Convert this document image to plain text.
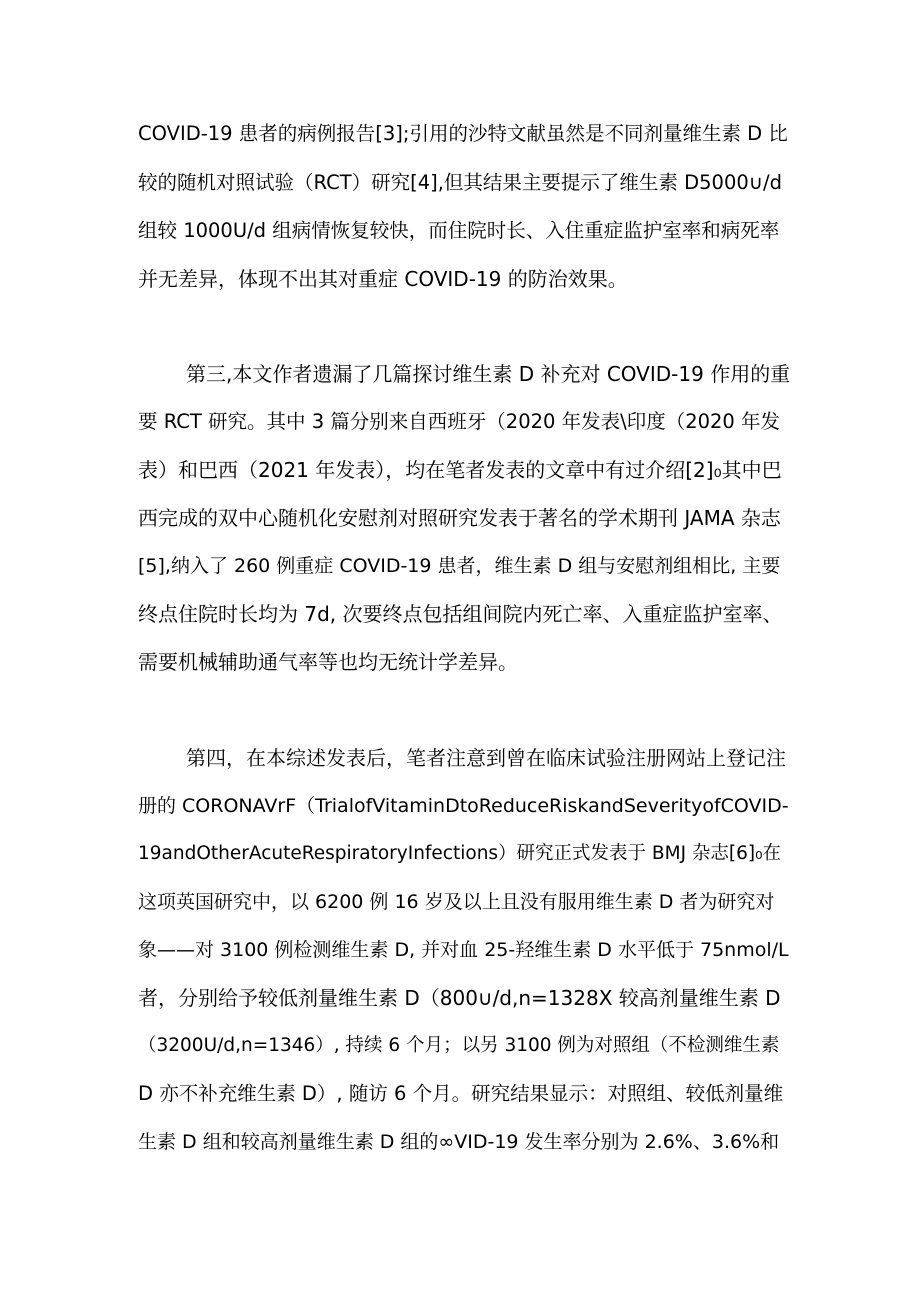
COVID-19 患者的病例报告[3];引用的沙特文献虽然是不同剂量维生素 D 比
较的随机对照试验（RCT）研究[4],但其结果主要提示了维生素 D5000∪/d
组较 1000U/d 组病情恢复较快，而住院时长、入住重症监护室率和病死率
并无差异，体现不出其对重症 COVID-19 的防治效果。
第三,本文作者遗漏了几篇探讨维生素 D 补充对 COVID-19 作用的重
要 RCT 研究。其中 3 篇分别来自西班牙（2020 年发表\印度（2020 年发
表）和巴西（2021 年发表），均在笔者发表的文章中有过介绍[2]₀其中巴
西完成的双中心随机化安慰剂对照研究发表于著名的学术期刊 JAMA 杂志
[5],纳入了 260 例重症 COVID-19 患者，维生素 D 组与安慰剂组相比, 主要
终点住院时长均为 7d, 次要终点包括组间院内死亡率、入重症监护室率、
需要机械辅助通气率等也均无统计学差异。
第四，在本综述发表后，笔者注意到曾在临床试验注册网站上登记注
册的 CORONAVrF（TrialofVitaminDtoReduceRiskandSeverityofCOVID-
19andOtherAcuteRespiratoryInfections）研究正式发表于 BMJ 杂志[6]₀在
这项英国研究中，以 6200 例 16 岁及以上且没有服用维生素 D 者为研究对
象——对 3100 例检测维生素 D, 并对血 25-羟维生素 D 水平低于 75nmol/L
者，分别给予较低剂量维生素 D（800∪/d,n=1328X 较高剂量维生素 D
（3200U/d,n=1346）, 持续 6 个月；以另 3100 例为对照组（不检测维生素
D 亦不补充维生素 D）, 随访 6 个月。研究结果显示：对照组、较低剂量维
生素 D 组和较高剂量维生素 D 组的∞VID-19 发生率分别为 2.6%、3.6%和
